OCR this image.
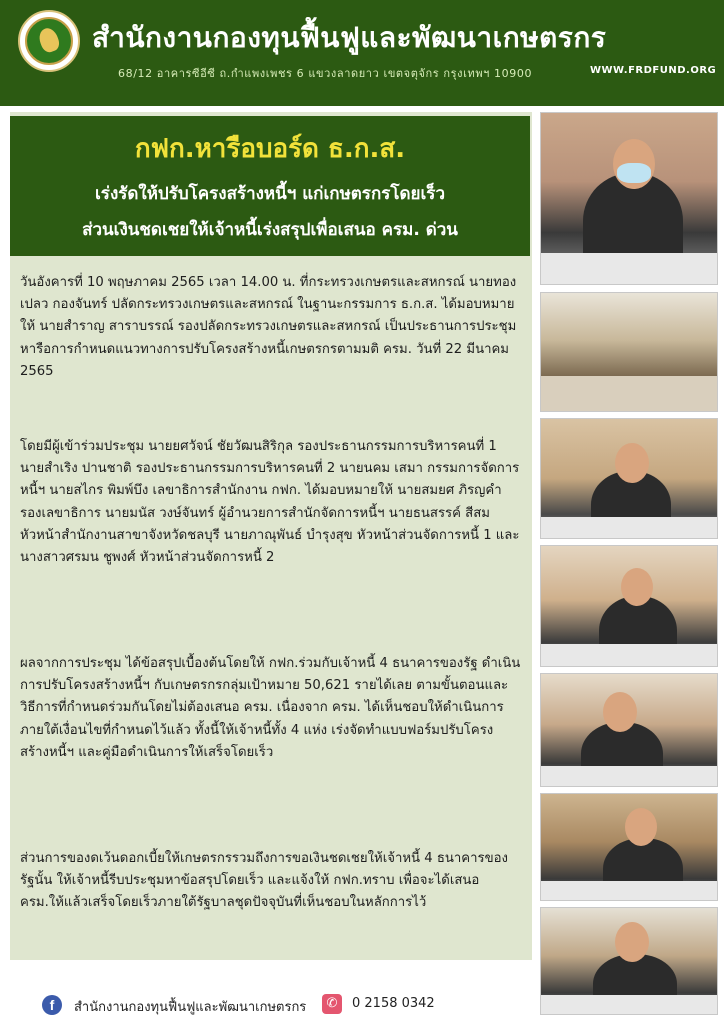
สำนักงานกองทุนฟื้นฟูและพัฒนาเกษตรกร
68/12 อาคารซีอีซี ถ.กำแพงเพชร 6 แขวงลาดยาว เขตจตุจักร กรุงเทพฯ 10900	WWW.FRDFUND.ORG
กฟก.หารือบอร์ด ธ.ก.ส.
เร่งรัดให้ปรับโครงสร้างหนี้ฯ แก่เกษตรกรโดยเร็ว
ส่วนเงินชดเชยให้เจ้าหนี้เร่งสรุปเพื่อเสนอ ครม. ด่วน

วันอังคารที่ 10 พฤษภาคม 2565 เวลา 14.00 น. ที่กระทรวงเกษตรและสหกรณ์ นายทองเปลว กองจันทร์ ปลัดกระทรวงเกษตรและสหกรณ์ ในฐานะกรรมการ ธ.ก.ส. ได้มอบหมายให้ นายสำราญ สาราบรรณ์ รองปลัดกระทรวงเกษตรและสหกรณ์ เป็นประธานการประชุมหารือการกำหนดแนวทางการปรับโครงสร้างหนี้เกษตรกรตามมติ ครม. วันที่ 22 มีนาคม 2565

โดยมีผู้เข้าร่วมประชุม นายยศวัจน์ ชัยวัฒนสิริกุล รองประธานกรรมการบริหารคนที่ 1 นายสำเริง ปานชาติ รองประธานกรรมการบริหารคนที่ 2 นายนคม เสมา กรรมการจัดการหนี้ฯ นายสไกร พิมพ์บึง เลขาธิการสำนักงาน กฟก. ได้มอบหมายให้ นายสมยศ ภิรญคำ รองเลขาธิการ นายมนัส วงษ์จันทร์ ผู้อำนวยการสำนักจัดการหนี้ฯ นายธนสรรค์ สีสม หัวหน้าสำนักงานสาขาจังหวัดชลบุรี นายภาณุพันธ์ บำรุงสุข หัวหน้าส่วนจัดการหนี้ 1 และ นางสาวศรมน ชูพงศ์ หัวหน้าส่วนจัดการหนี้ 2

ผลจากการประชุม ได้ข้อสรุปเบื้องต้นโดยให้ กฟก.ร่วมกับเจ้าหนี้ 4 ธนาคารของรัฐ ดำเนินการปรับโครงสร้างหนี้ฯ กับเกษตรกรกลุ่มเป้าหมาย 50,621 รายได้เลย ตามขั้นตอนและวิธีการที่กำหนดร่วมกันโดยไม่ต้องเสนอ ครม. เนื่องจาก ครม. ได้เห็นชอบให้ดำเนินการภายใต้เงื่อนไขที่กำหนดไว้แล้ว ทั้งนี้ให้เจ้าหนี้ทั้ง 4 แห่ง เร่งจัดทำแบบฟอร์มปรับโครงสร้างหนี้ฯ และคู่มือดำเนินการให้เสร็จโดยเร็ว

ส่วนการของดเว้นดอกเบี้ยให้เกษตรกรรวมถึงการขอเงินชดเชยให้เจ้าหนี้ 4 ธนาคารของรัฐนั้น ให้เจ้าหนี้รีบประชุมหาข้อสรุปโดยเร็ว และแจ้งให้ กฟก.ทราบ เพื่อจะได้เสนอ ครม.ให้แล้วเสร็จโดยเร็วภายใต้รัฐบาลชุดปัจจุบันที่เห็นชอบในหลักการไว้

f	สำนักงานกองทุนฟื้นฟูและพัฒนาเกษตรกร	✆	0 2158 0342
